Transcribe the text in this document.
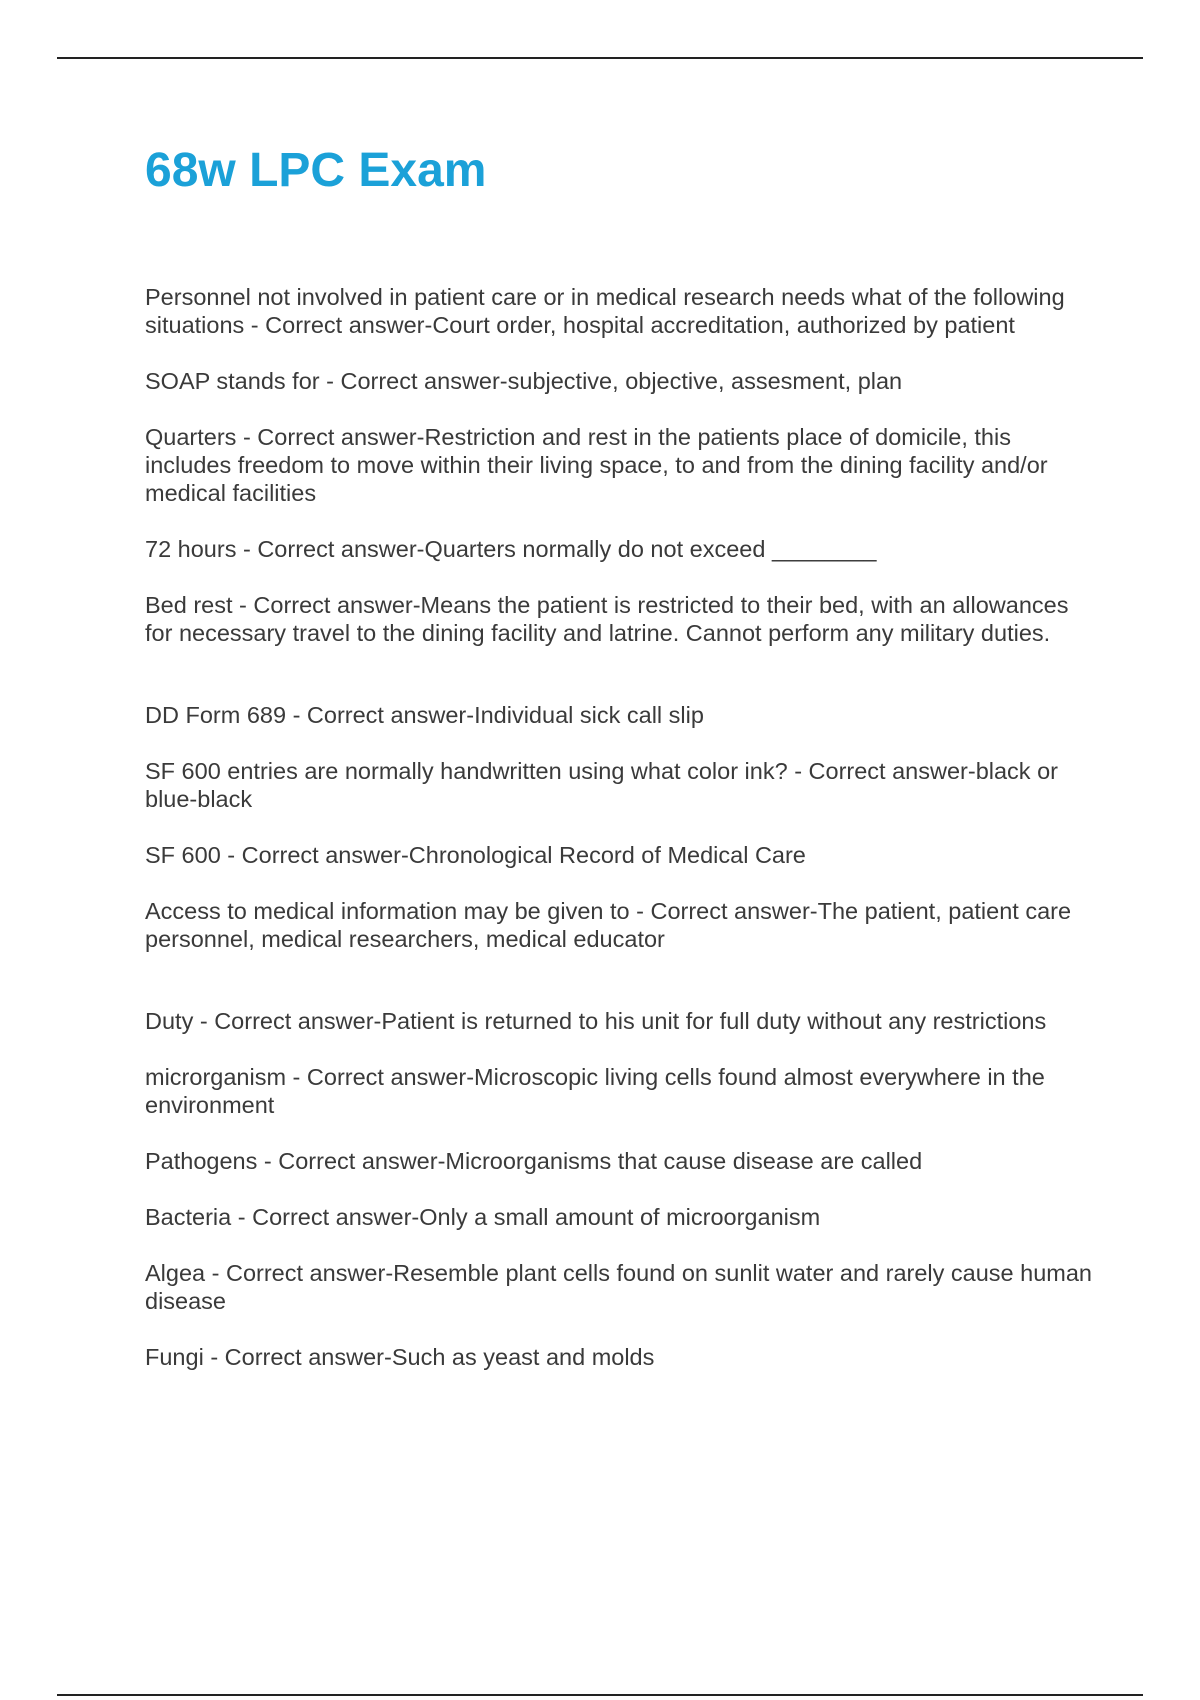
68w LPC Exam

Personnel not involved in patient care or in medical research needs what of the following situations - Correct answer-Court order, hospital accreditation, authorized by patient

SOAP stands for - Correct answer-subjective, objective, assesment, plan

Quarters - Correct answer-Restriction and rest in the patients place of domicile, this includes freedom to move within their living space, to and from the dining facility and/or medical facilities

72 hours - Correct answer-Quarters normally do not exceed ________

Bed rest - Correct answer-Means the patient is restricted to their bed, with an allowances for necessary travel to the dining facility and latrine. Cannot perform any military duties.

DD Form 689 - Correct answer-Individual sick call slip

SF 600 entries are normally handwritten using what color ink? - Correct answer-black or blue-black

SF 600 - Correct answer-Chronological Record of Medical Care

Access to medical information may be given to - Correct answer-The patient, patient care personnel, medical researchers, medical educator

Duty - Correct answer-Patient is returned to his unit for full duty without any restrictions

microrganism - Correct answer-Microscopic living cells found almost everywhere in the environment

Pathogens - Correct answer-Microorganisms that cause disease are called

Bacteria - Correct answer-Only a small amount of microorganism

Algea - Correct answer-Resemble plant cells found on sunlit water and rarely cause human disease

Fungi - Correct answer-Such as yeast and molds
